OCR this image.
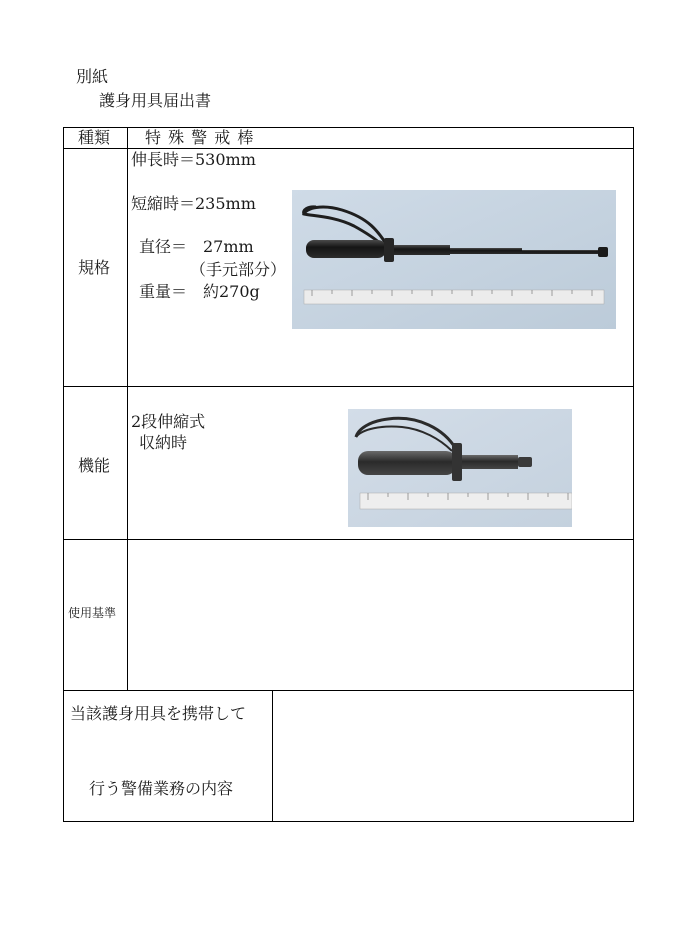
別紙
護身用具届出書
種類 特 殊 警 戒 棒
規格
伸長時＝530mm
短縮時＝235mm
直径＝　27mm
（手元部分）
重量＝　約270g
機能
2段伸縮式
収納時
使用基準
当該護身用具を携帯して
行う警備業務の内容
